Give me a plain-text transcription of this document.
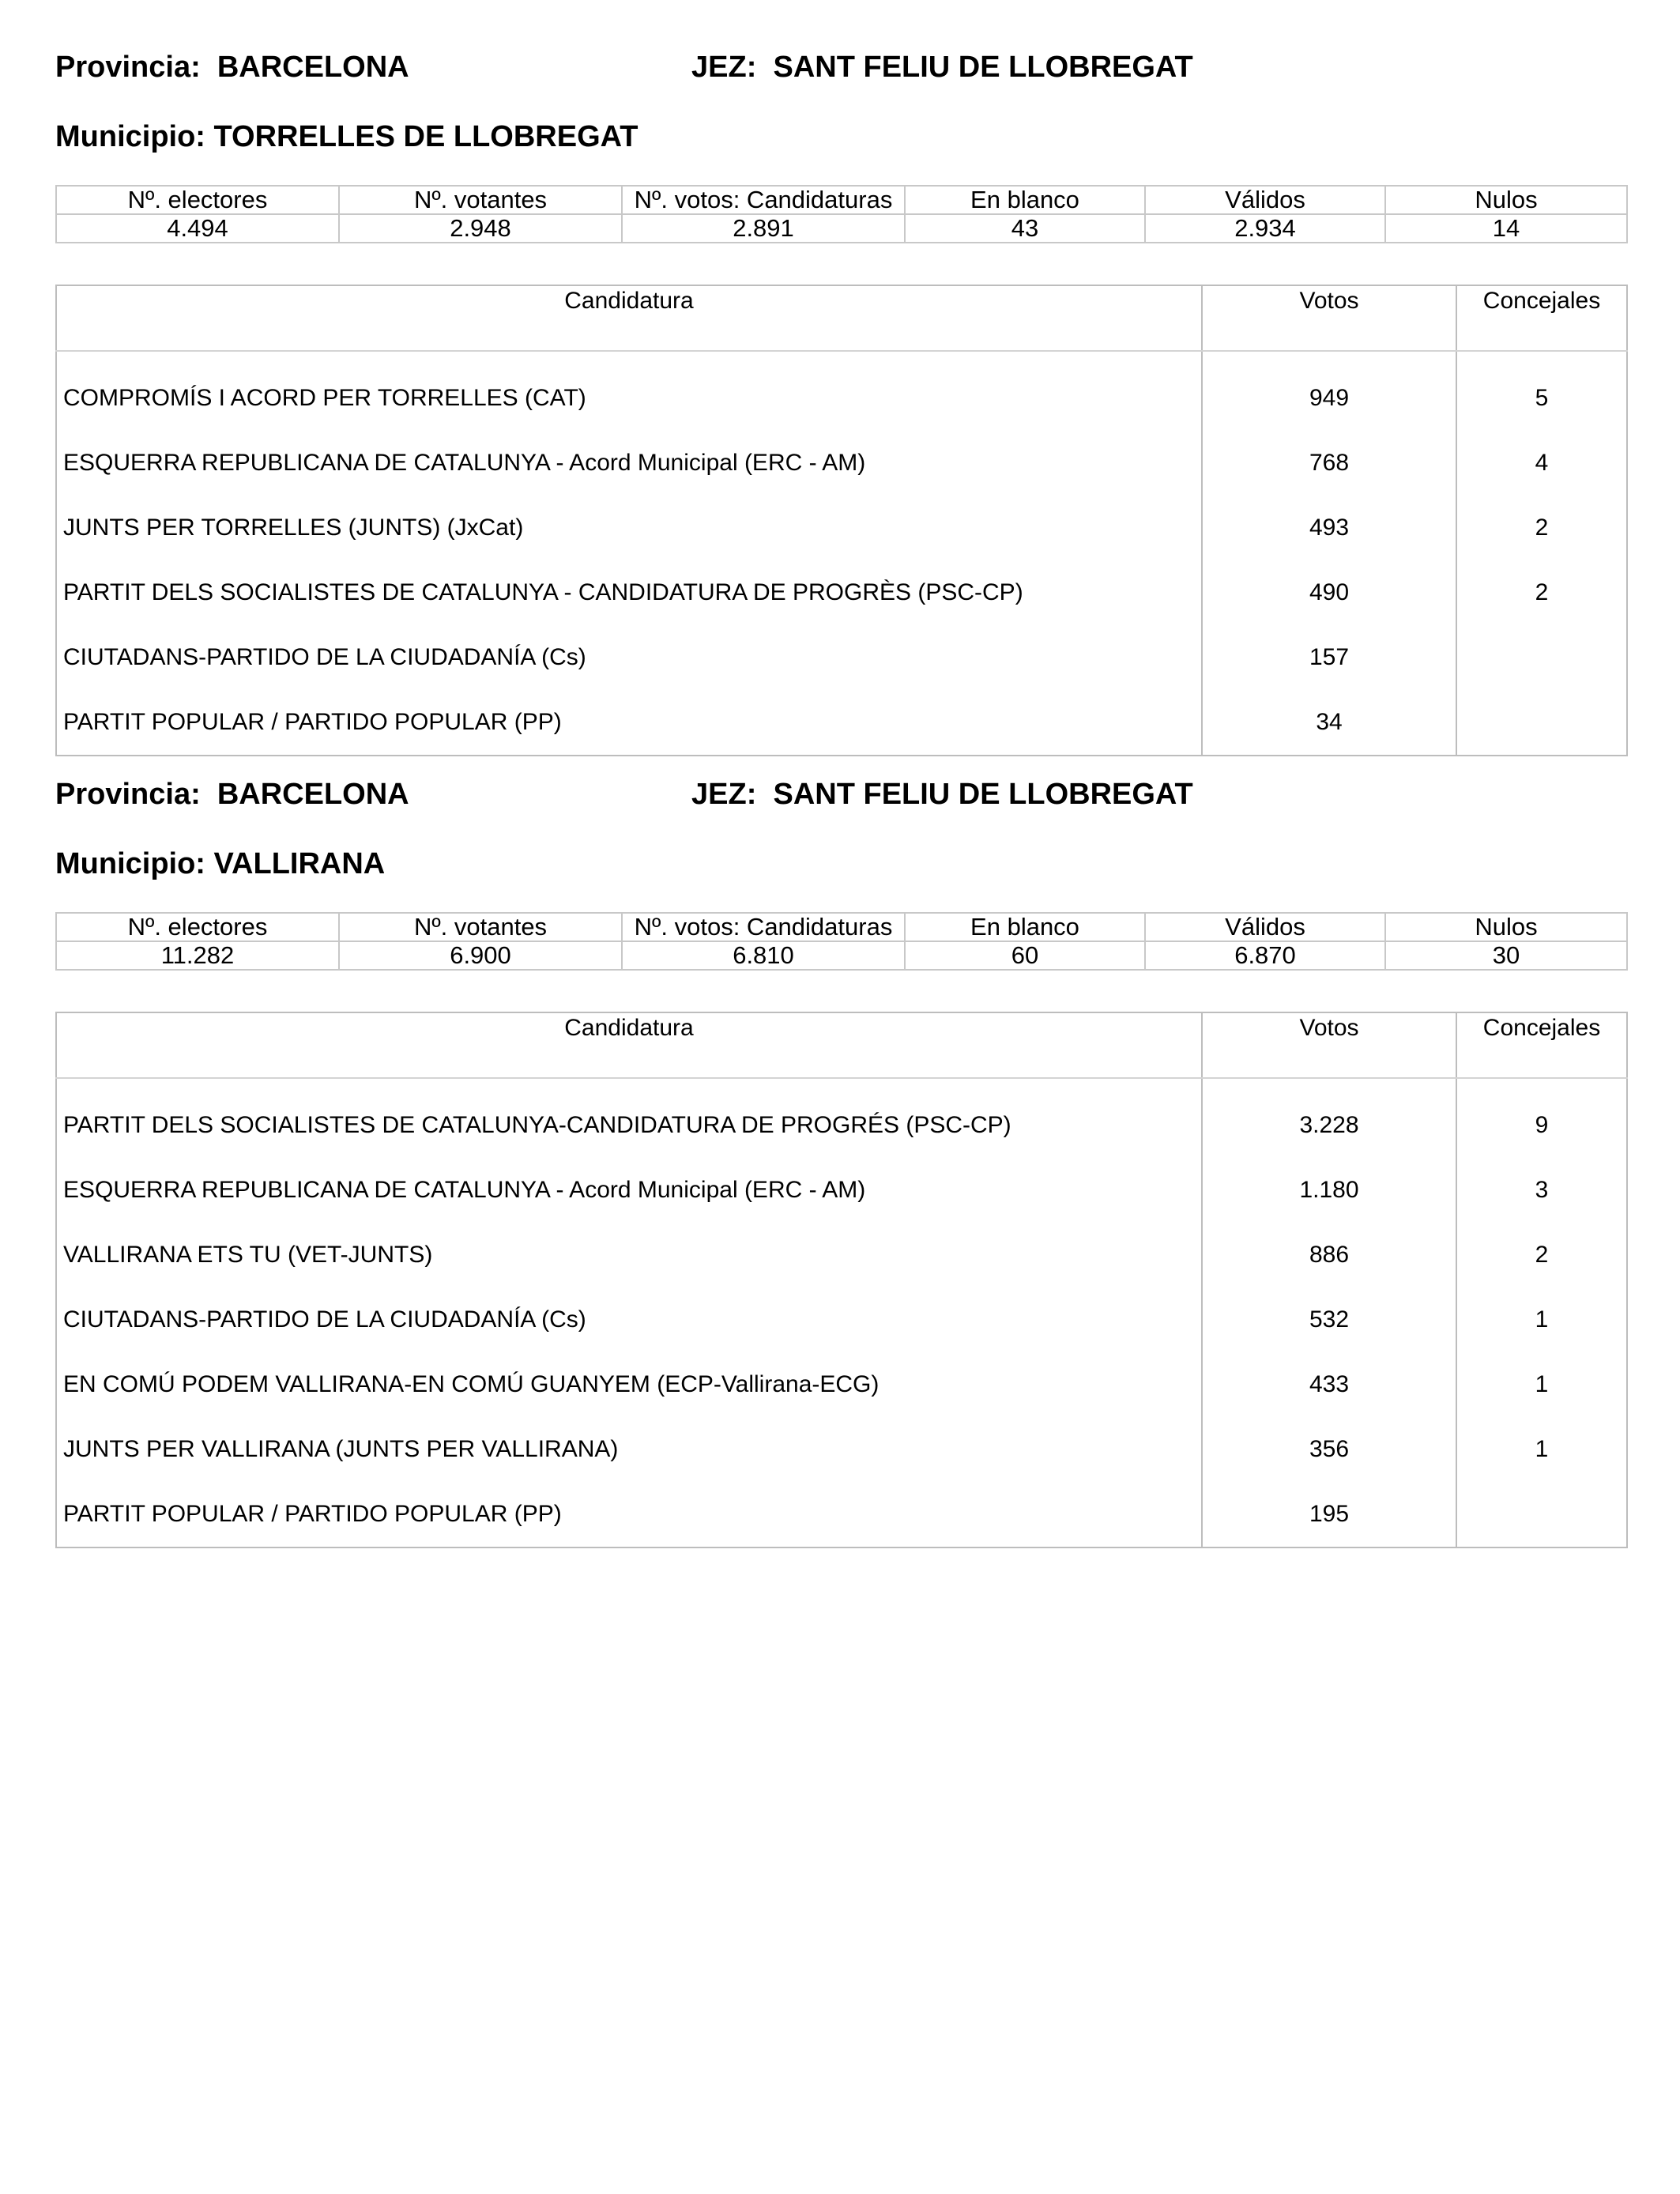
Provincia: BARCELONA	JEZ: SANT FELIU DE LLOBREGAT
Municipio: TORRELLES DE LLOBREGAT
Nº. electores	Nº. votantes	Nº. votos: Candidaturas	En blanco	Válidos	Nulos
4.494	2.948	2.891	43	2.934	14
Candidatura	Votos	Concejales
COMPROMÍS I ACORD PER TORRELLES (CAT)	949	5
ESQUERRA REPUBLICANA DE CATALUNYA - Acord Municipal (ERC - AM)	768	4
JUNTS PER TORRELLES (JUNTS) (JxCat)	493	2
PARTIT DELS SOCIALISTES DE CATALUNYA - CANDIDATURA DE PROGRÈS (PSC-CP)	490	2
CIUTADANS-PARTIDO DE LA CIUDADANÍA (Cs)	157	
PARTIT POPULAR / PARTIDO POPULAR (PP)	34	
Provincia: BARCELONA	JEZ: SANT FELIU DE LLOBREGAT
Municipio: VALLIRANA
Nº. electores	Nº. votantes	Nº. votos: Candidaturas	En blanco	Válidos	Nulos
11.282	6.900	6.810	60	6.870	30
Candidatura	Votos	Concejales
PARTIT DELS SOCIALISTES DE CATALUNYA-CANDIDATURA DE PROGRÉS (PSC-CP)	3.228	9
ESQUERRA REPUBLICANA DE CATALUNYA - Acord Municipal (ERC - AM)	1.180	3
VALLIRANA ETS TU (VET-JUNTS)	886	2
CIUTADANS-PARTIDO DE LA CIUDADANÍA (Cs)	532	1
EN COMÚ PODEM VALLIRANA-EN COMÚ GUANYEM (ECP-Vallirana-ECG)	433	1
JUNTS PER VALLIRANA (JUNTS PER VALLIRANA)	356	1
PARTIT POPULAR / PARTIDO POPULAR (PP)	195	
